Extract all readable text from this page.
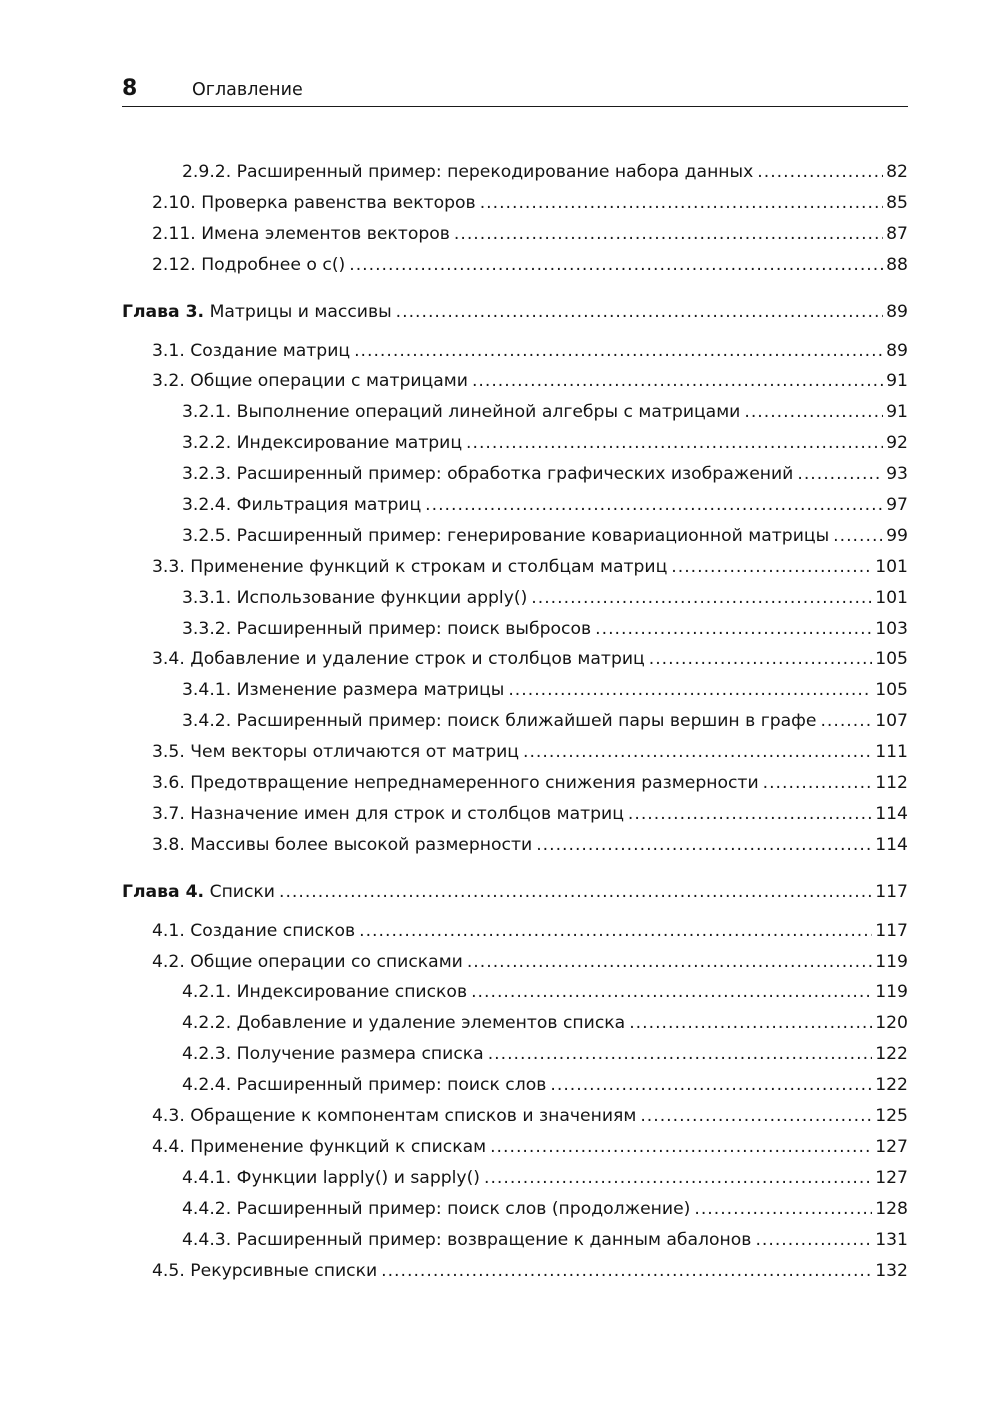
8	Оглавление
2.9.2. Расширенный пример: перекодирование набора данных .....	82
2.10. Проверка равенства векторов .....	85
2.11. Имена элементов векторов .....	87
2.12. Подробнее о c() .....	88
Глава 3. Матрицы и массивы .....	89
3.1. Создание матриц .....	89
3.2. Общие операции с матрицами .....	91
3.2.1. Выполнение операций линейной алгебры с матрицами .....	91
3.2.2. Индексирование матриц .....	92
3.2.3. Расширенный пример: обработка графических изображений .....	93
3.2.4. Фильтрация матриц .....	97
3.2.5. Расширенный пример: генерирование ковариационной матрицы .....	99
3.3. Применение функций к строкам и столбцам матриц .....	101
3.3.1. Использование функции apply() .....	101
3.3.2. Расширенный пример: поиск выбросов .....	103
3.4. Добавление и удаление строк и столбцов матриц .....	105
3.4.1. Изменение размера матрицы .....	105
3.4.2. Расширенный пример: поиск ближайшей пары вершин в графе .....	107
3.5. Чем векторы отличаются от матриц .....	111
3.6. Предотвращение непреднамеренного снижения размерности .....	112
3.7. Назначение имен для строк и столбцов матриц .....	114
3.8. Массивы более высокой размерности .....	114
Глава 4. Списки .....	117
4.1. Создание списков .....	117
4.2. Общие операции со списками .....	119
4.2.1. Индексирование списков .....	119
4.2.2. Добавление и удаление элементов списка .....	120
4.2.3. Получение размера списка .....	122
4.2.4. Расширенный пример: поиск слов .....	122
4.3. Обращение к компонентам списков и значениям .....	125
4.4. Применение функций к спискам .....	127
4.4.1. Функции lapply() и sapply() .....	127
4.4.2. Расширенный пример: поиск слов (продолжение) .....	128
4.4.3. Расширенный пример: возвращение к данным абалонов .....	131
4.5. Рекурсивные списки .....	132
